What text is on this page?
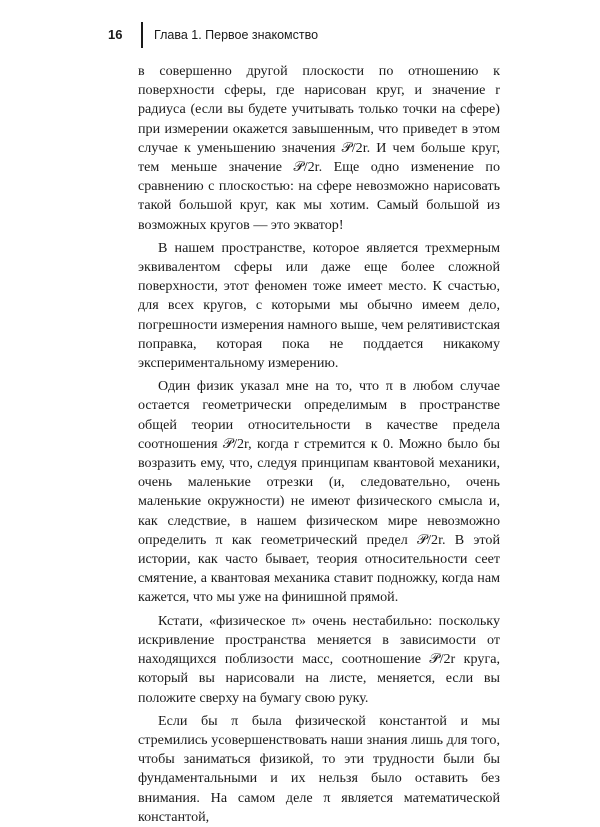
16	Глава 1. Первое знакомство

в совершенно другой плоскости по отношению к поверхности сферы, где нарисован круг, и значение r радиуса (если вы будете учитывать только точки на сфере) при измерении окажется завышенным, что приведет в этом случае к уменьшению значения 𝒫/2r. И чем больше круг, тем меньше значение 𝒫/2r. Еще одно изменение по сравнению с плоскостью: на сфере невозможно нарисовать такой большой круг, как мы хотим. Самый большой из возможных кругов — это экватор!

В нашем пространстве, которое является трехмерным эквивалентом сферы или даже еще более сложной поверхности, этот феномен тоже имеет место. К счастью, для всех кругов, с которыми мы обычно имеем дело, погрешности измерения намного выше, чем релятивистская поправка, которая пока не поддается никакому экспериментальному измерению.

Один физик указал мне на то, что π в любом случае остается геометрически определимым в пространстве общей теории относительности в качестве предела соотношения 𝒫/2r, когда r стремится к 0. Можно было бы возразить ему, что, следуя принципам квантовой механики, очень маленькие отрезки (и, следовательно, очень маленькие окружности) не имеют физического смысла и, как следствие, в нашем физическом мире невозможно определить π как геометрический предел 𝒫/2r. В этой истории, как часто бывает, теория относительности сеет смятение, а квантовая механика ставит подножку, когда нам кажется, что мы уже на финишной прямой.

Кстати, «физическое π» очень нестабильно: поскольку искривление пространства меняется в зависимости от находящихся поблизости масс, соотношение 𝒫/2r круга, который вы нарисовали на листе, меняется, если вы положите сверху на бумагу свою руку.

Если бы π была физической константой и мы стремились усовершенствовать наши знания лишь для того, чтобы заниматься физикой, то эти трудности были бы фундаментальными и их нельзя было оставить без внимания. На самом деле π является математической константой,
